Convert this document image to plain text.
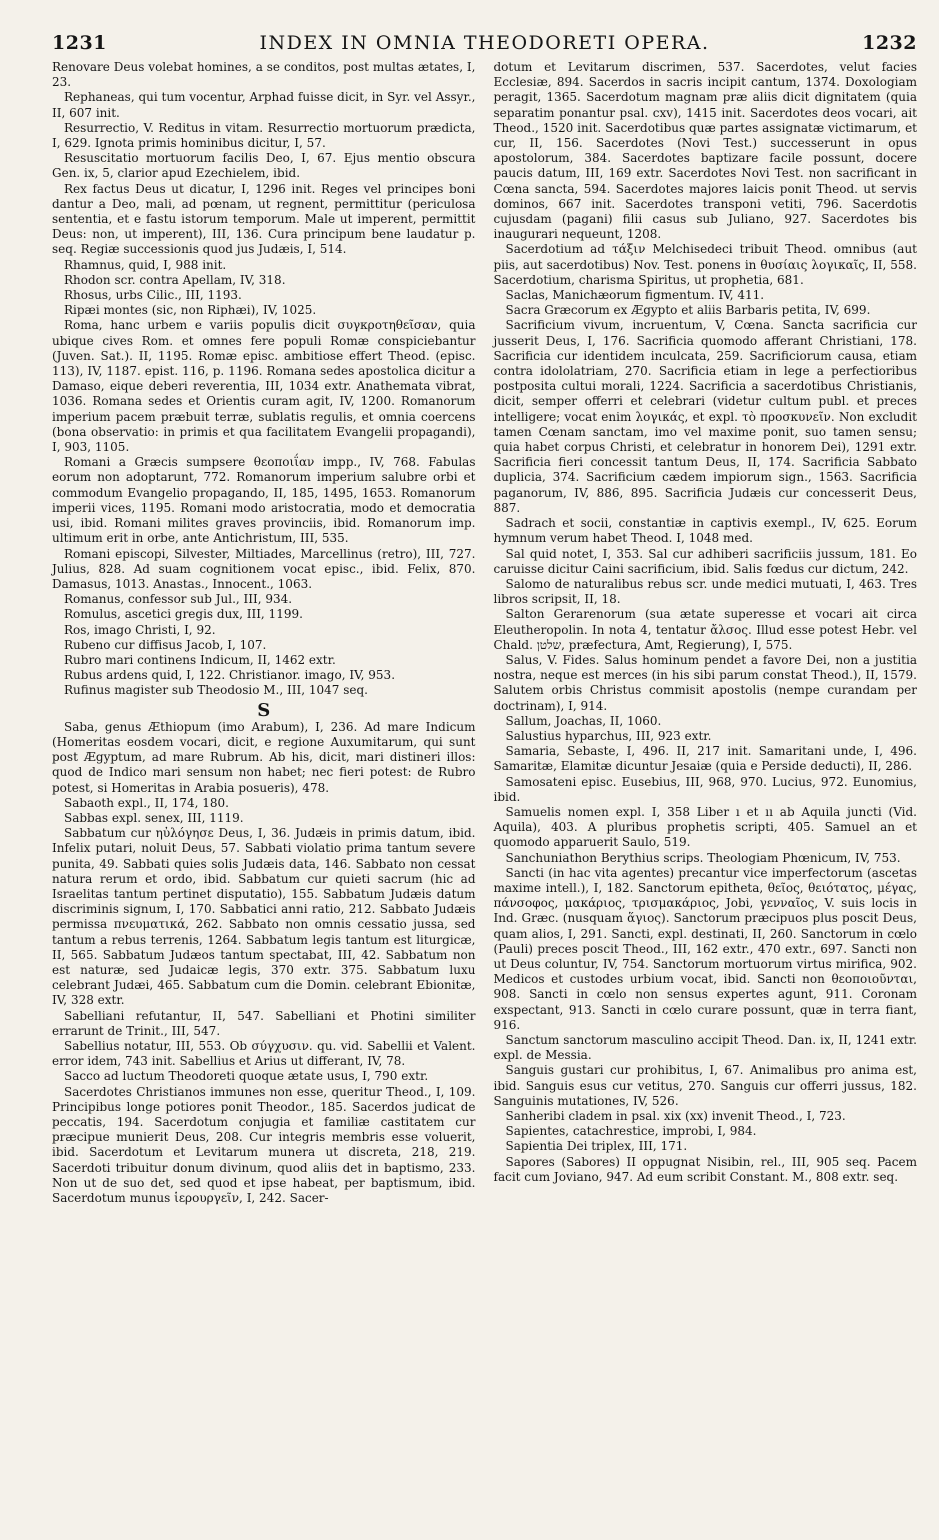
1231	INDEX IN OMNIA THEODORETI OPERA.	1232

Renovare Deus volebat homines, a se conditos, post multas ætates, I, 23.

Rephaneas, qui tum vocentur, Arphad fuisse dicit, in Syr. vel Assyr., II, 607 init.

Resurrectio, V. Reditus in vitam. Resurrectio mortuorum prædicta, I, 629. Ignota primis hominibus dicitur, I, 57.

Resuscitatio mortuorum facilis Deo, I, 67. Ejus mentio obscura Gen. ix, 5, clarior apud Ezechielem, ibid.

Rex factus Deus ut dicatur, I, 1296 init. Reges vel principes boni dantur a Deo, mali, ad pœnam, ut regnent, permittitur (periculosa sententia, et e fastu istorum temporum. Male ut imperent, permittit Deus: non, ut imperent), III, 136. Cura principum bene laudatur p. seq. Regiæ successionis quod jus Judæis, I, 514.

Rhamnus, quid, I, 988 init.

Rhodon scr. contra Apellam, IV, 318.

Rhosus, urbs Cilic., III, 1193.

Ripæi montes (sic, non Riphæi), IV, 1025.

Roma, hanc urbem e variis populis dicit συγκροτηθεῖσαν, quia ubique cives Rom. et omnes fere populi Romæ conspiciebantur (Juven. Sat.). II, 1195. Romæ episc. ambitiose effert Theod. (episc. 113), IV, 1187. epist. 116, p. 1196. Romana sedes apostolica dicitur a Damaso, eique deberi reverentia, III, 1034 extr. Anathemata vibrat, 1036. Romana sedes et Orientis curam agit, IV, 1200. Romanorum imperium pacem præbuit terræ, sublatis regulis, et omnia coercens (bona observatio: in primis et qua facilitatem Evangelii propagandi), I, 903, 1105.

Romani a Græcis sumpsere θεοποιΐαν impp., IV, 768. Fabulas eorum non adoptarunt, 772. Romanorum imperium salubre orbi et commodum Evangelio propagando, II, 185, 1495, 1653. Romanorum imperii vices, 1195. Romani modo aristocratia, modo et democratia usi, ibid. Romani milites graves provinciis, ibid. Romanorum imp. ultimum erit in orbe, ante Antichristum, III, 535.

Romani episcopi, Silvester, Miltiades, Marcellinus (retro), III, 727. Julius, 828. Ad suam cognitionem vocat episc., ibid. Felix, 870. Damasus, 1013. Anastas., Innocent., 1063.

Romanus, confessor sub Jul., III, 934.

Romulus, ascetici gregis dux, III, 1199.

Ros, imago Christi, I, 92.

Rubeno cur diffisus Jacob, I, 107.

Rubro mari continens Indicum, II, 1462 extr.

Rubus ardens quid, I, 122. Christianor. imago, IV, 953.

Rufinus magister sub Theodosio M., III, 1047 seq.

S

Saba, genus Æthiopum (imo Arabum), I, 236. Ad mare Indicum (Homeritas eosdem vocari, dicit, e regione Auxumitarum, qui sunt post Ægyptum, ad mare Rubrum. Ab his, dicit, mari distineri illos: quod de Indico mari sensum non habet; nec fieri potest: de Rubro potest, si Homeritas in Arabia posueris), 478.

Sabaoth expl., II, 174, 180.

Sabbas expl. senex, III, 1119.

Sabbatum cur ηὐλόγησε Deus, I, 36. Judæis in primis datum, ibid. Infelix putari, noluit Deus, 57. Sabbati violatio prima tantum severe punita, 49. Sabbati quies solis Judæis data, 146. Sabbato non cessat natura rerum et ordo, ibid. Sabbatum cur quieti sacrum (hic ad Israelitas tantum pertinet disputatio), 155. Sabbatum Judæis datum discriminis signum, I, 170. Sabbatici anni ratio, 212. Sabbato Judæis permissa πνευματικά, 262. Sabbato non omnis cessatio jussa, sed tantum a rebus terrenis, 1264. Sabbatum legis tantum est liturgicæ, II, 565. Sabbatum Judæos tantum spectabat, III, 42. Sabbatum non est naturæ, sed Judaicæ legis, 370 extr. 375. Sabbatum luxu celebrant Judæi, 465. Sabbatum cum die Domin. celebrant Ebionitæ, IV, 328 extr.

Sabelliani refutantur, II, 547. Sabelliani et Photini similiter errarunt de Trinit., III, 547.

Sabellius notatur, III, 553. Ob σύγχυσιν. qu. vid. Sabellii et Valent. error idem, 743 init. Sabellius et Arius ut differant, IV, 78.

Sacco ad luctum Theodoreti quoque ætate usus, I, 790 extr.

Sacerdotes Christianos immunes non esse, queritur Theod., I, 109. Principibus longe potiores ponit Theodor., 185. Sacerdos judicat de peccatis, 194. Sacerdotum conjugia et familiæ castitatem cur præcipue munierit Deus, 208. Cur integris membris esse voluerit, ibid. Sacerdotum et Levitarum munera ut discreta, 218, 219. Sacerdoti tribuitur donum divinum, quod aliis det in baptismo, 233. Non ut de suo det, sed quod et ipse habeat, per baptismum, ibid. Sacerdotum munus ἱερουργεῖν, I, 242. Sacer-

dotum et Levitarum discrimen, 537. Sacerdotes, velut facies Ecclesiæ, 894. Sacerdos in sacris incipit cantum, 1374. Doxologiam peragit, 1365. Sacerdotum magnam præ aliis dicit dignitatem (quia separatim ponantur psal. cxv), 1415 init. Sacerdotes deos vocari, ait Theod., 1520 init. Sacerdotibus quæ partes assignatæ victimarum, et cur, II, 156. Sacerdotes (Novi Test.) successerunt in opus apostolorum, 384. Sacerdotes baptizare facile possunt, docere paucis datum, III, 169 extr. Sacerdotes Novi Test. non sacrificant in Cœna sancta, 594. Sacerdotes majores laicis ponit Theod. ut servis dominos, 667 init. Sacerdotes transponi vetiti, 796. Sacerdotis cujusdam (pagani) filii casus sub Juliano, 927. Sacerdotes bis inaugurari nequeunt, 1208.

Sacerdotium ad τάξιν Melchisedeci tribuit Theod. omnibus (aut piis, aut sacerdotibus) Nov. Test. ponens in θυσίαις λογικαῖς, II, 558. Sacerdotium, charisma Spiritus, ut prophetia, 681.

Saclas, Manichæorum figmentum. IV, 411.

Sacra Græcorum ex Ægypto et aliis Barbaris petita, IV, 699.

Sacrificium vivum, incruentum, V, Cœna. Sancta sacrificia cur jusserit Deus, I, 176. Sacrificia quomodo afferant Christiani, 178. Sacrificia cur identidem inculcata, 259. Sacrificiorum causa, etiam contra idololatriam, 270. Sacrificia etiam in lege a perfectioribus postposita cultui morali, 1224. Sacrificia a sacerdotibus Christianis, dicit, semper offerri et celebrari (videtur cultum publ. et preces intelligere; vocat enim λογικάς, et expl. τὸ προσκυνεῖν. Non excludit tamen Cœnam sanctam, imo vel maxime ponit, suo tamen sensu; quia habet corpus Christi, et celebratur in honorem Dei), 1291 extr. Sacrificia fieri concessit tantum Deus, II, 174. Sacrificia Sabbato duplicia, 374. Sacrificium cædem impiorum sign., 1563. Sacrificia paganorum, IV, 886, 895. Sacrificia Judæis cur concesserit Deus, 887.

Sadrach et socii, constantiæ in captivis exempl., IV, 625. Eorum hymnum verum habet Theod. I, 1048 med.

Sal quid notet, I, 353. Sal cur adhiberi sacrificiis jussum, 181. Eo caruisse dicitur Caini sacrificium, ibid. Salis fœdus cur dictum, 242.

Salomo de naturalibus rebus scr. unde medici mutuati, I, 463. Tres libros scripsit, II, 18.

Salton Gerarenorum (sua ætate superesse et vocari ait circa Eleutheropolin. In nota 4, tentatur ἄλσος. Illud esse potest Hebr. vel Chald. שלטן, præfectura, Amt, Regierung), I, 575.

Salus, V. Fides. Salus hominum pendet a favore Dei, non a justitia nostra, neque est merces (in his sibi parum constat Theod.), II, 1579. Salutem orbis Christus commisit apostolis (nempe curandam per doctrinam), I, 914.

Sallum, Joachas, II, 1060.

Salustius hyparchus, III, 923 extr.

Samaria, Sebaste, I, 496. II, 217 init. Samaritani unde, I, 496. Samaritæ, Elamitæ dicuntur Jesaiæ (quia e Perside deducti), II, 286.

Samosateni episc. Eusebius, III, 968, 970. Lucius, 972. Eunomius, ibid.

Samuelis nomen expl. I, 358 Liber ı et ıı ab Aquila juncti (Vid. Aquila), 403. A pluribus prophetis scripti, 405. Samuel an et quomodo apparuerit Saulo, 519.

Sanchuniathon Berythius scrips. Theologiam Phœnicum, IV, 753.

Sancti (in hac vita agentes) precantur vice imperfectorum (ascetas maxime intell.), I, 182. Sanctorum epitheta, θεῖος, θειότατος, μέγας, πάνσοφος, μακάριος, τρισμακάριος, Jobi, γενναῖος, V. suis locis in Ind. Græc. (nusquam ἅγιος). Sanctorum præcipuos plus poscit Deus, quam alios, I, 291. Sancti, expl. destinati, II, 260. Sanctorum in cœlo (Pauli) preces poscit Theod., III, 162 extr., 470 extr., 697. Sancti non ut Deus coluntur, IV, 754. Sanctorum mortuorum virtus mirifica, 902. Medicos et custodes urbium vocat, ibid. Sancti non θεοποιοῦνται, 908. Sancti in cœlo non sensus expertes agunt, 911. Coronam exspectant, 913. Sancti in cœlo curare possunt, quæ in terra fiant, 916.

Sanctum sanctorum masculino accipit Theod. Dan. ix, II, 1241 extr. expl. de Messia.

Sanguis gustari cur prohibitus, I, 67. Animalibus pro anima est, ibid. Sanguis esus cur vetitus, 270. Sanguis cur offerri jussus, 182. Sanguinis mutationes, IV, 526.

Sanheribi cladem in psal. xix (xx) invenit Theod., I, 723.

Sapientes, catachrestice, improbi, I, 984.

Sapientia Dei triplex, III, 171.

Sapores (Sabores) II oppugnat Nisibin, rel., III, 905 seq. Pacem facit cum Joviano, 947. Ad eum scribit Constant. M., 808 extr. seq.
